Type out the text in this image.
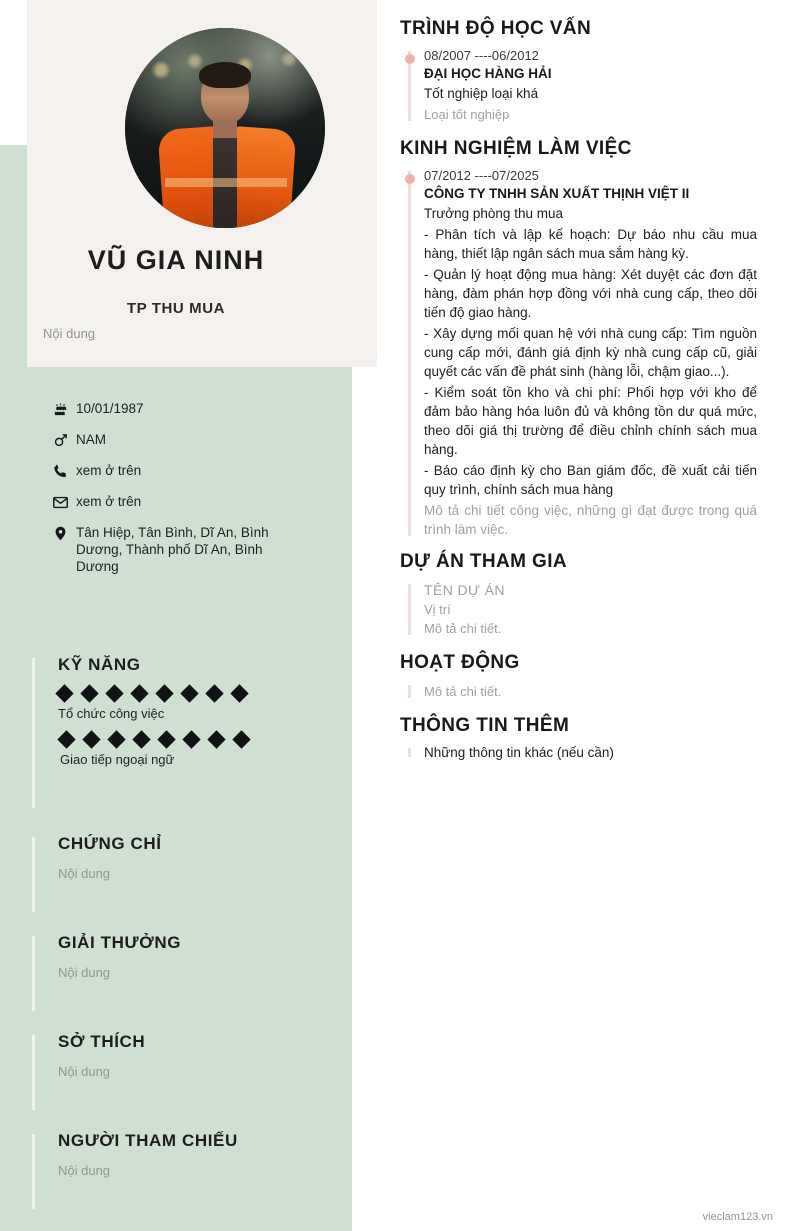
VŨ GIA NINH
TP THU MUA
Nội dung
10/01/1987
NAM
xem ở trên
xem ở trên
Tân Hiệp, Tân Bình, Dĩ An, Bình Dương, Thành phố Dĩ An, Bình Dương
KỸ NĂNG
Tổ chức công việc
Giao tiếp ngoại ngữ
CHỨNG CHỈ
Nội dung
GIẢI THƯỞNG
Nội dung
SỞ THÍCH
Nội dung
NGƯỜI THAM CHIẾU
Nội dung
TRÌNH ĐỘ HỌC VẤN
08/2007 ----06/2012
ĐẠI HỌC HÀNG HẢI
Tốt nghiệp loại khá
Loại tốt nghiệp
KINH NGHIỆM LÀM VIỆC
07/2012 ----07/2025
CÔNG TY TNHH SẢN XUẤT THỊNH VIỆT II
Trưởng phòng thu mua
- Phân tích và lập kế hoạch: Dự báo nhu cầu mua hàng, thiết lập ngân sách mua sắm hàng kỳ.
- Quản lý hoạt động mua hàng: Xét duyệt các đơn đặt hàng, đàm phán hợp đồng với nhà cung cấp, theo dõi tiến độ giao hàng.
- Xây dựng mối quan hệ với nhà cung cấp: Tìm nguồn cung cấp mới, đánh giá định kỳ nhà cung cấp cũ, giải quyết các vấn đề phát sinh (hàng lỗi, chậm giao...).
- Kiểm soát tồn kho và chi phí: Phối hợp với kho để đảm bảo hàng hóa luôn đủ và không tồn dư quá mức, theo dõi giá thị trường để điều chỉnh chính sách mua hàng.
- Báo cáo định kỳ cho Ban giám đốc, đề xuất cải tiến quy trình, chính sách mua hàng
Mô tả chi tiết công việc, những gì đạt được trong quá trình làm việc.
DỰ ÁN THAM GIA
TÊN DỰ ÁN
Vị trí
Mô tả chi tiết.
HOẠT ĐỘNG
Mô tả chi tiết.
THÔNG TIN THÊM
Những thông tin khác (nếu cần)
vieclam123.vn
